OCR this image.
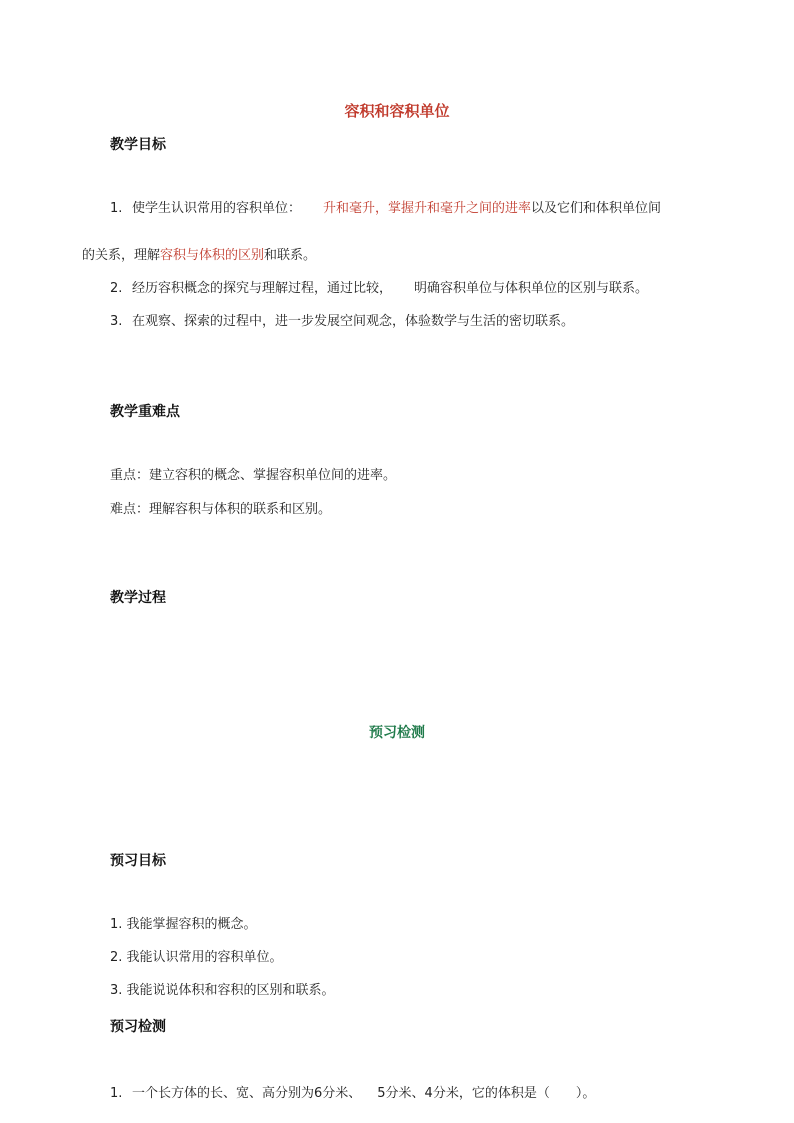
容积和容积单位
教学目标
1. 使学生认识常用的容积单位： 升和毫升，掌握升和毫升之间的进率以及它们和体积单位间
的关系，理解容积与体积的区别和联系。
2. 经历容积概念的探究与理解过程，通过比较， 明确容积单位与体积单位的区别与联系。
3. 在观察、探索的过程中，进一步发展空间观念，体验数学与生活的密切联系。
教学重难点
重点：建立容积的概念、掌握容积单位间的进率。
难点：理解容积与体积的联系和区别。
教学过程
预习检测
预习目标
1. 我能掌握容积的概念。
2. 我能认识常用的容积单位。
3. 我能说说体积和容积的区别和联系。
预习检测
1. 一个长方体的长、宽、高分别为6分米、 5分米、4分米，它的体积是（　　）。
